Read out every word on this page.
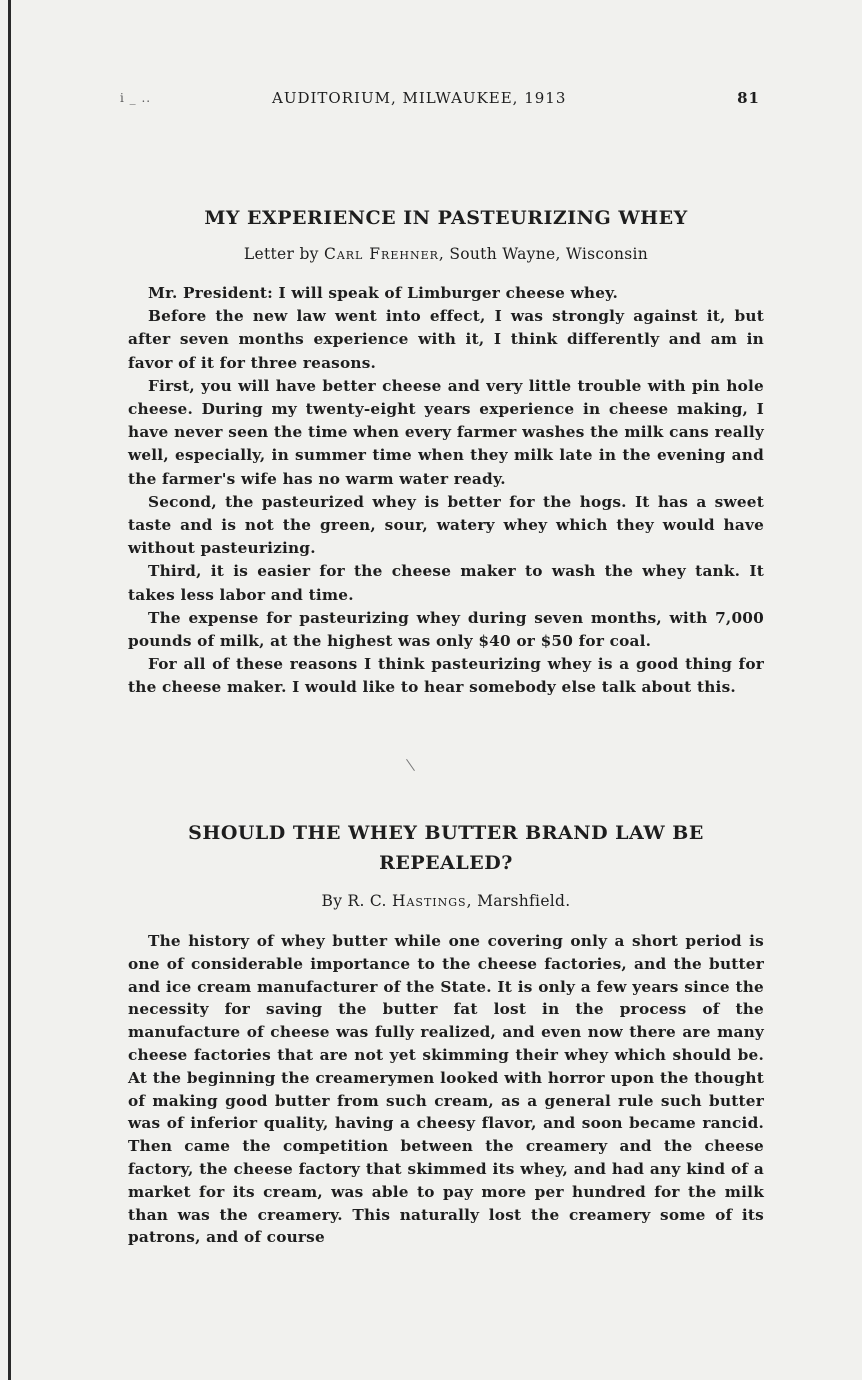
i _ ..	AUDITORIUM, MILWAUKEE, 1913	81
MY EXPERIENCE IN PASTEURIZING WHEY
Letter by Carl Frehner, South Wayne, Wisconsin

Mr. President: I will speak of Limburger cheese whey.

Before the new law went into effect, I was strongly against it, but after seven months experience with it, I think differently and am in favor of it for three reasons.

First, you will have better cheese and very little trouble with pin hole cheese. During my twenty-eight years experience in cheese making, I have never seen the time when every farmer washes the milk cans really well, especially, in summer time when they milk late in the evening and the farmer's wife has no warm water ready.

Second, the pasteurized whey is better for the hogs. It has a sweet taste and is not the green, sour, watery whey which they would have without pasteurizing.

Third, it is easier for the cheese maker to wash the whey tank. It takes less labor and time.

The expense for pasteurizing whey during seven months, with 7,000 pounds of milk, at the highest was only $40 or $50 for coal.

For all of these reasons I think pasteurizing whey is a good thing for the cheese maker. I would like to hear somebody else talk about this.

SHOULD THE WHEY BUTTER BRAND LAW BE
REPEALED?
By R. C. Hastings, Marshfield.

The history of whey butter while one covering only a short period is one of considerable importance to the cheese factories, and the butter and ice cream manufacturer of the State. It is only a few years since the necessity for saving the butter fat lost in the process of the manufacture of cheese was fully realized, and even now there are many cheese factories that are not yet skimming their whey which should be. At the beginning the creamerymen looked with horror upon the thought of making good butter from such cream, as a general rule such butter was of inferior quality, having a cheesy flavor, and soon became rancid. Then came the competition between the creamery and the cheese factory, the cheese factory that skimmed its whey, and had any kind of a market for its cream, was able to pay more per hundred for the milk than was the creamery. This naturally lost the creamery some of its patrons, and of course
